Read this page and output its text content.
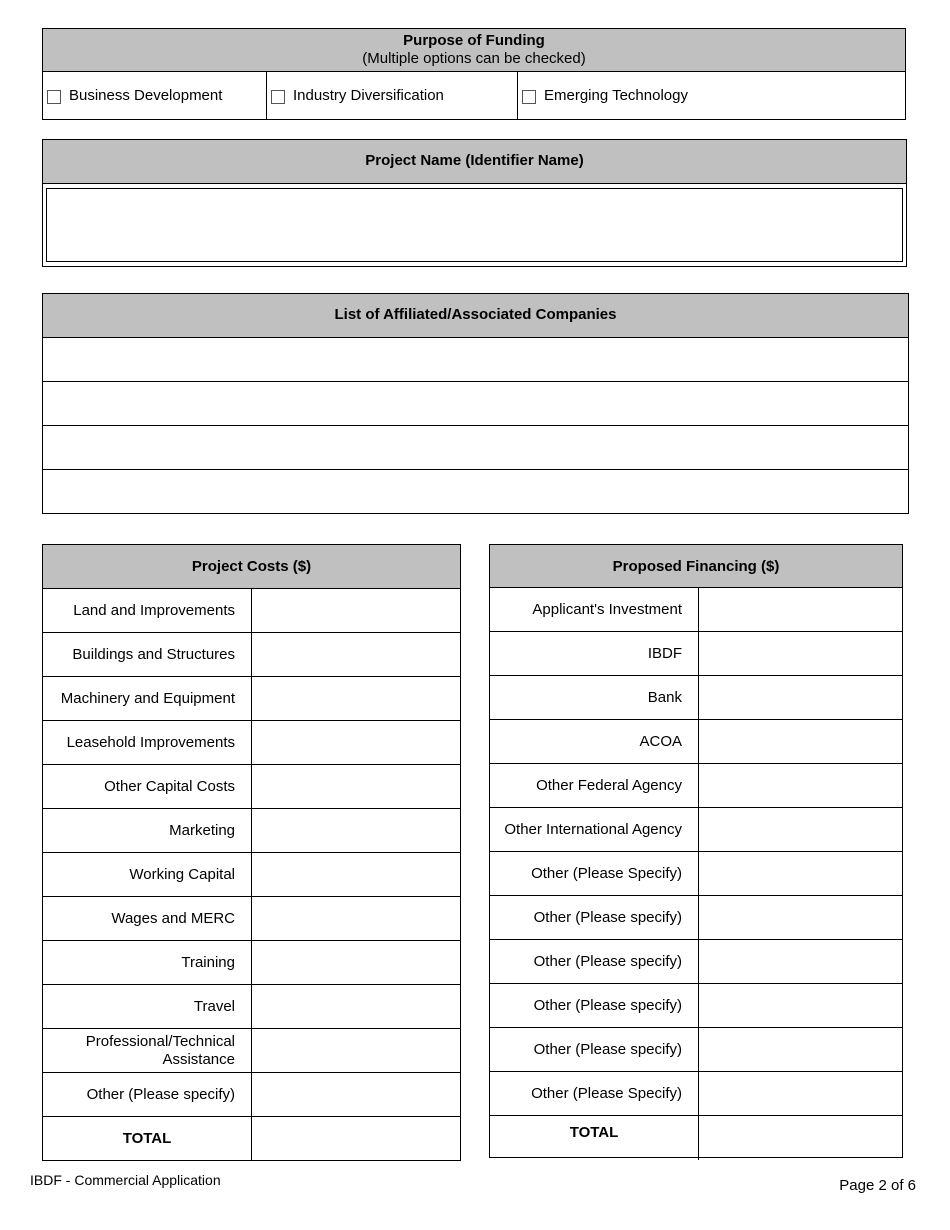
Purpose of Funding
(Multiple options can be checked)
Business Development	Industry Diversification	Emerging Technology
Project Name (Identifier Name)
List of Affiliated/Associated Companies
Project Costs ($)
Land and Improvements
Buildings and Structures
Machinery and Equipment
Leasehold Improvements
Other Capital Costs
Marketing
Working Capital
Wages and MERC
Training
Travel
Professional/Technical Assistance
Other (Please specify)
TOTAL
Proposed Financing ($)
Applicant's Investment
IBDF
Bank
ACOA
Other Federal Agency
Other International Agency
Other (Please Specify)
Other (Please specify)
Other (Please specify)
Other (Please specify)
Other (Please specify)
Other (Please Specify)
TOTAL
IBDF - Commercial Application	Page 2 of 6
